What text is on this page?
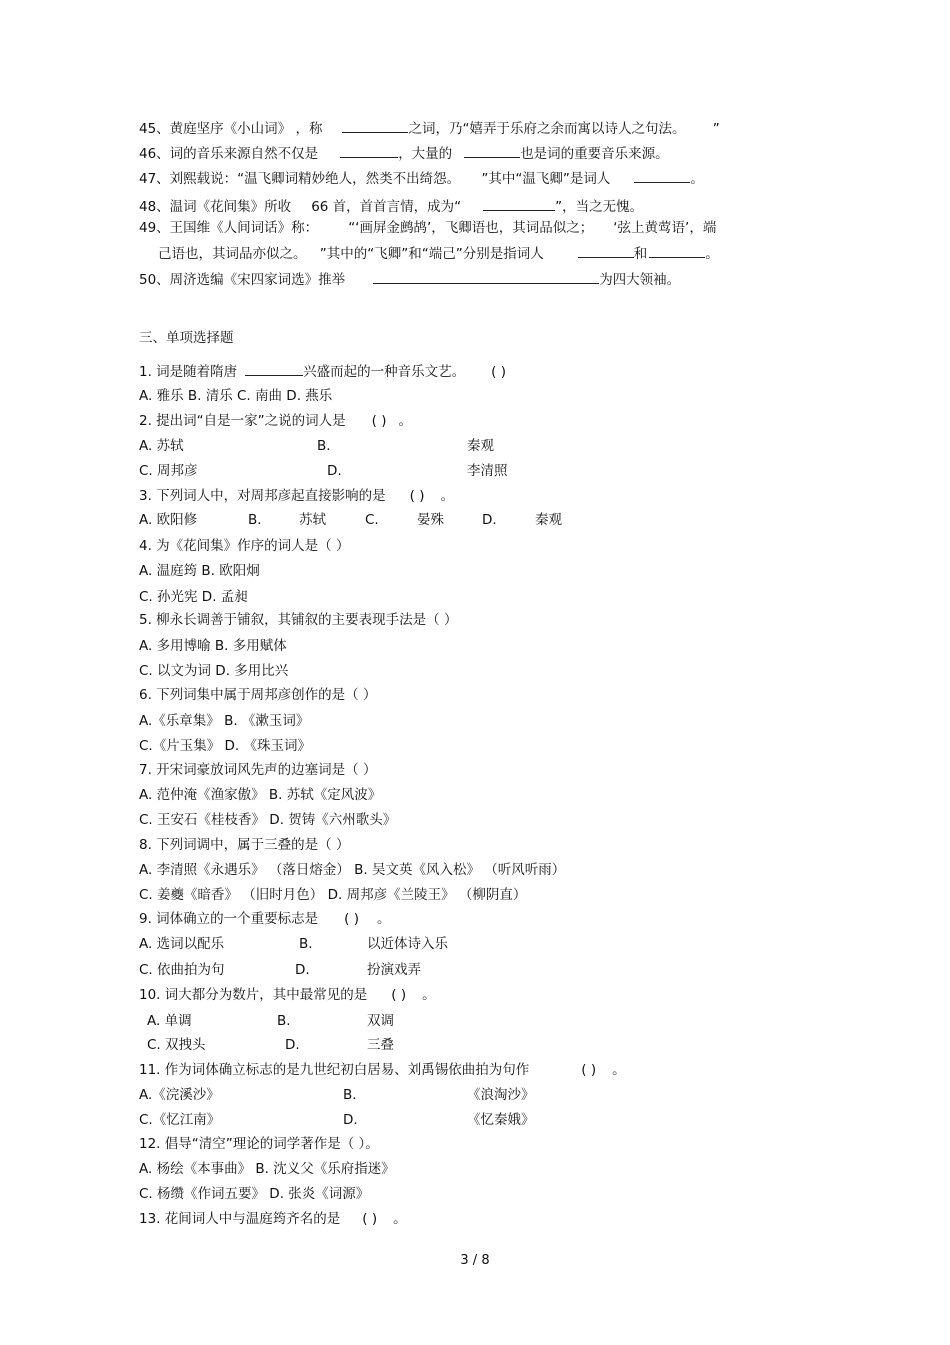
45、黄庭坚序《小山词》 ，称	之词，乃“嬉弄于乐府之余而寓以诗人之句法。	”
46、词的音乐来源自然不仅是	，大量的	也是词的重要音乐来源。
47、刘熙载说：“温飞卿词精妙绝人，然类不出绮怨。 ”其中“温飞卿”是词人	。
48、温词《花间集》所收 66 首，首首言情，成为“	”，当之无愧。
49、王国维《人间词话》称： “‘画屏金鹧鸪’，飞卿语也，其词品似之； ‘弦上黄莺语’，端
己语也，其词品亦似之。 ”其中的“飞卿”和“端己”分别是指词人	和	。
50、周济选编《宋四家词选》推举	为四大领袖。
三、单项选择题
1. 词是随着隋唐	兴盛而起的一种音乐文艺。 ( )
A. 雅乐 B. 清乐 C. 南曲 D. 燕乐
2. 提出词“自是一家”之说的词人是 ( ) 。
A. 苏轼	B.	秦观
C. 周邦彦	D.	李清照
3. 下列词人中，对周邦彦起直接影响的是 ( ) 。
A. 欧阳修	B.	苏轼	C.	晏殊	D.	秦观
4. 为《花间集》作序的词人是（ ）
A. 温庭筠 B. 欧阳炯
C. 孙光宪 D. 孟昶
5. 柳永长调善于铺叙，其铺叙的主要表现手法是（ ）
A. 多用博喻 B. 多用赋体
C. 以文为词 D. 多用比兴
6. 下列词集中属于周邦彦创作的是（ ）
A.《乐章集》 B. 《漱玉词》
C.《片玉集》 D. 《珠玉词》
7. 开宋词豪放词风先声的边塞词是（ ）
A. 范仲淹《渔家傲》 B. 苏轼《定风波》
C. 王安石《桂枝香》 D. 贺铸《六州歌头》
8. 下列词调中，属于三叠的是（ ）
A. 李清照《永遇乐》 （落日熔金） B. 吴文英《风入松》 （听风听雨）
C. 姜夔《暗香》 （旧时月色） D. 周邦彦《兰陵王》 （柳阴直）
9. 词体确立的一个重要标志是 ( ) 。
A. 选词以配乐	B.	以近体诗入乐
C. 依曲拍为句	D.	扮演戏弄
10. 词大都分为数片，其中最常见的是 ( ) 。
A. 单调	B.	双调
C. 双拽头	D.	三叠
11. 作为词体确立标志的是九世纪初白居易、刘禹锡依曲拍为句作	( ) 。
A.《浣溪沙》	B.	《浪淘沙》
C.《忆江南》	D.	《忆秦娥》
12. 倡导“清空”理论的词学著作是（ ）。
A. 杨绘《本事曲》 B. 沈义父《乐府指迷》
C. 杨缵《作词五要》 D. 张炎《词源》
13. 花间词人中与温庭筠齐名的是 ( ) 。
3 / 8
